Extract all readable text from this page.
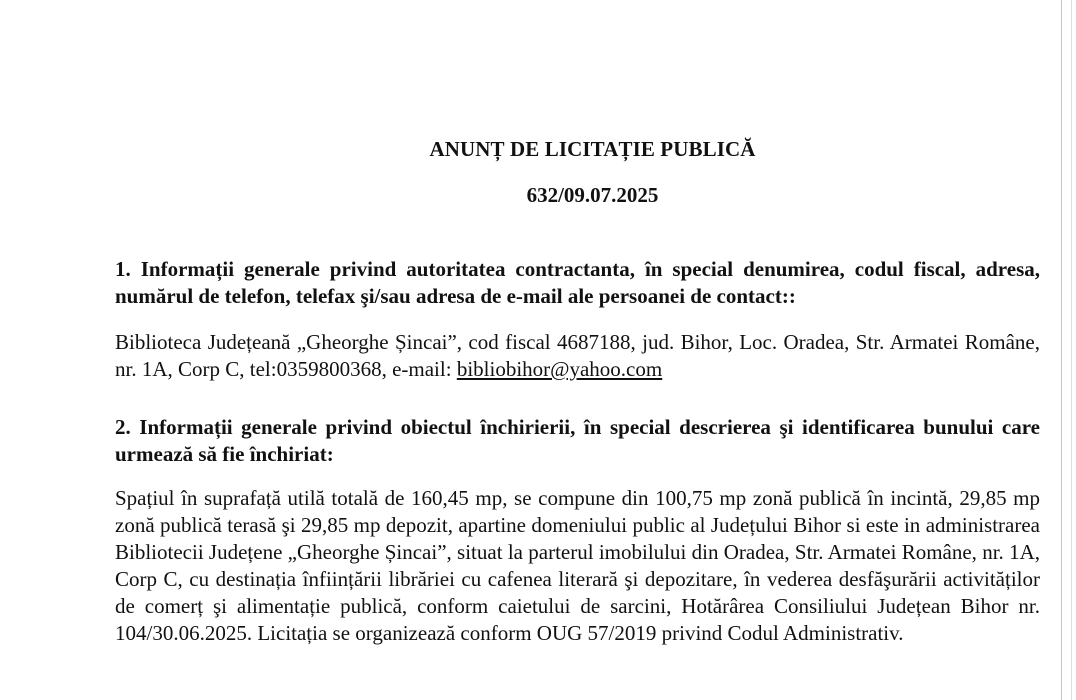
ANUNȚ DE LICITAȚIE PUBLICĂ
632/09.07.2025

1. Informații generale privind autoritatea contractanta, în special denumirea, codul fiscal, adresa, numărul de telefon, telefax şi/sau adresa de e-mail ale persoanei de contact::

Biblioteca Județeană „Gheorghe Șincai”, cod fiscal 4687188, jud. Bihor, Loc. Oradea, Str. Armatei Române, nr. 1A, Corp C, tel:0359800368, e-mail: bibliobihor@yahoo.com

2. Informații generale privind obiectul închirierii, în special descrierea şi identificarea bunului care urmează să fie închiriat:

Spațiul în suprafață utilă totală de 160,45 mp, se compune din 100,75 mp zonă publică în incintă, 29,85 mp zonă publică terasă şi 29,85 mp depozit, apartine domeniului public al Județului Bihor si este in administrarea Bibliotecii Județene „Gheorghe Șincai”, situat la parterul imobilului din Oradea, Str. Armatei Române, nr. 1A, Corp C, cu destinația înființării librăriei cu cafenea literară şi depozitare, în vederea desfăşurării activităților de comerț şi alimentație publică, conform caietului de sarcini, Hotărârea Consiliului Județean Bihor nr. 104/30.06.2025. Licitația se organizează conform OUG 57/2019 privind Codul Administrativ.
